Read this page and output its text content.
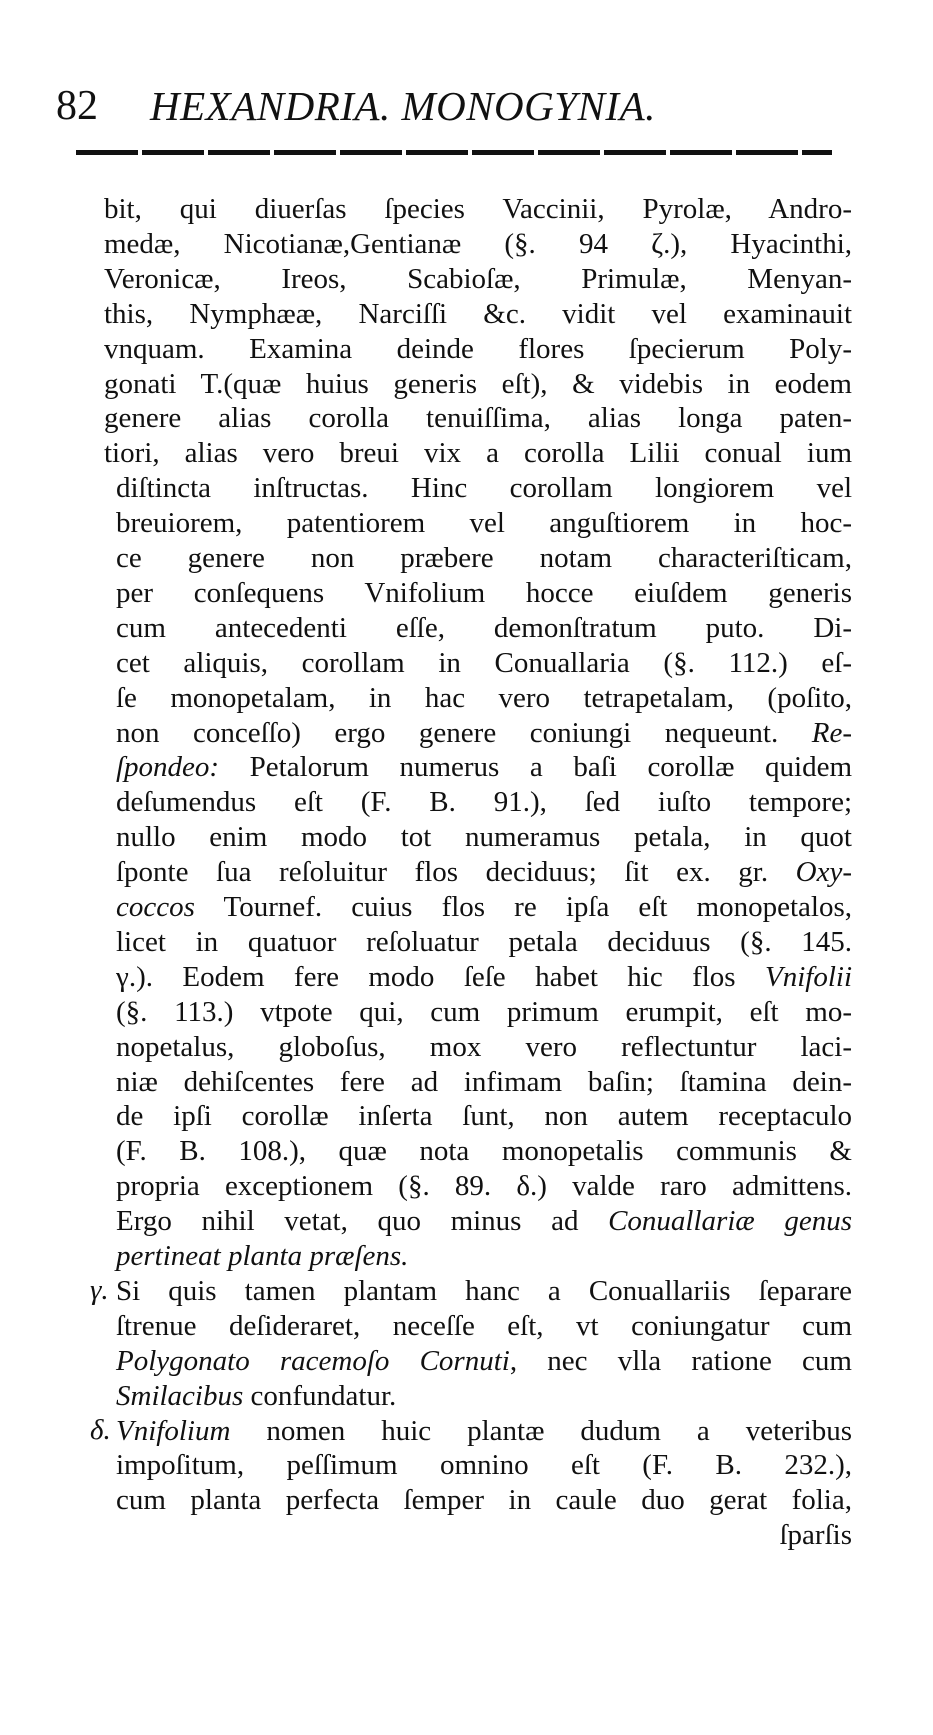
82 HEXANDRIA. MONOGYNIA.
bit, qui diuerſas ſpecies Vaccinii, Pyrolæ, Andro-
medæ, Nicotianæ,Gentianæ (§. 94 ζ.), Hyacinthi,
Veronicæ, Ireos, Scabioſæ, Primulæ, Menyan-
this, Nymphææ, Narciſſi &c. vidit vel examinauit
vnquam. Examina deinde flores ſpecierum Poly-
gonati T.(quæ huius generis eſt), & videbis in eodem
genere alias corolla tenuiſſima, alias longa paten-
tiori, alias vero breui vix a corolla Lilii conual ium
diſtincta inſtructas. Hinc corollam longiorem vel
breuiorem, patentiorem vel anguſtiorem in hoc-
ce genere non præbere notam characteriſticam,
per conſequens Vnifolium hocce eiuſdem generis
cum antecedenti eſſe, demonſtratum puto. Di-
cet aliquis, corollam in Conuallaria (§. 112.) eſ-
ſe monopetalam, in hac vero tetrapetalam, (poſito,
non conceſſo) ergo genere coniungi nequeunt. Re-
ſpondeo: Petalorum numerus a baſi corollæ quidem
deſumendus eſt (F. B. 91.), ſed iuſto tempore;
nullo enim modo tot numeramus petala, in quot
ſponte ſua reſoluitur flos deciduus; ſit ex. gr. Oxy-
coccos Tournef. cuius flos re ipſa eſt monopetalos,
licet in quatuor reſoluatur petala deciduus (§. 145.
γ.). Eodem fere modo ſeſe habet hic flos Vnifolii
(§. 113.) vtpote qui, cum primum erumpit, eſt mo-
nopetalus, globoſus, mox vero reflectuntur laci-
niæ dehiſcentes fere ad infimam baſin; ſtamina dein-
de ipſi corollæ inſerta ſunt, non autem receptaculo
(F. B. 108.), quæ nota monopetalis communis &
propria exceptionem (§. 89. δ.) valde raro admittens.
Ergo nihil vetat, quo minus ad Conuallariæ genus
pertineat planta præſens.
γ. Si quis tamen plantam hanc a Conuallariis ſeparare
ſtrenue deſideraret, neceſſe eſt, vt coniungatur cum
Polygonato racemoſo Cornuti, nec vlla ratione cum
Smilacibus confundatur.
δ. Vnifolium nomen huic plantæ dudum a veteribus
impoſitum, peſſimum omnino eſt (F. B. 232.),
cum planta perfecta ſemper in caule duo gerat folia,
ſparſis
